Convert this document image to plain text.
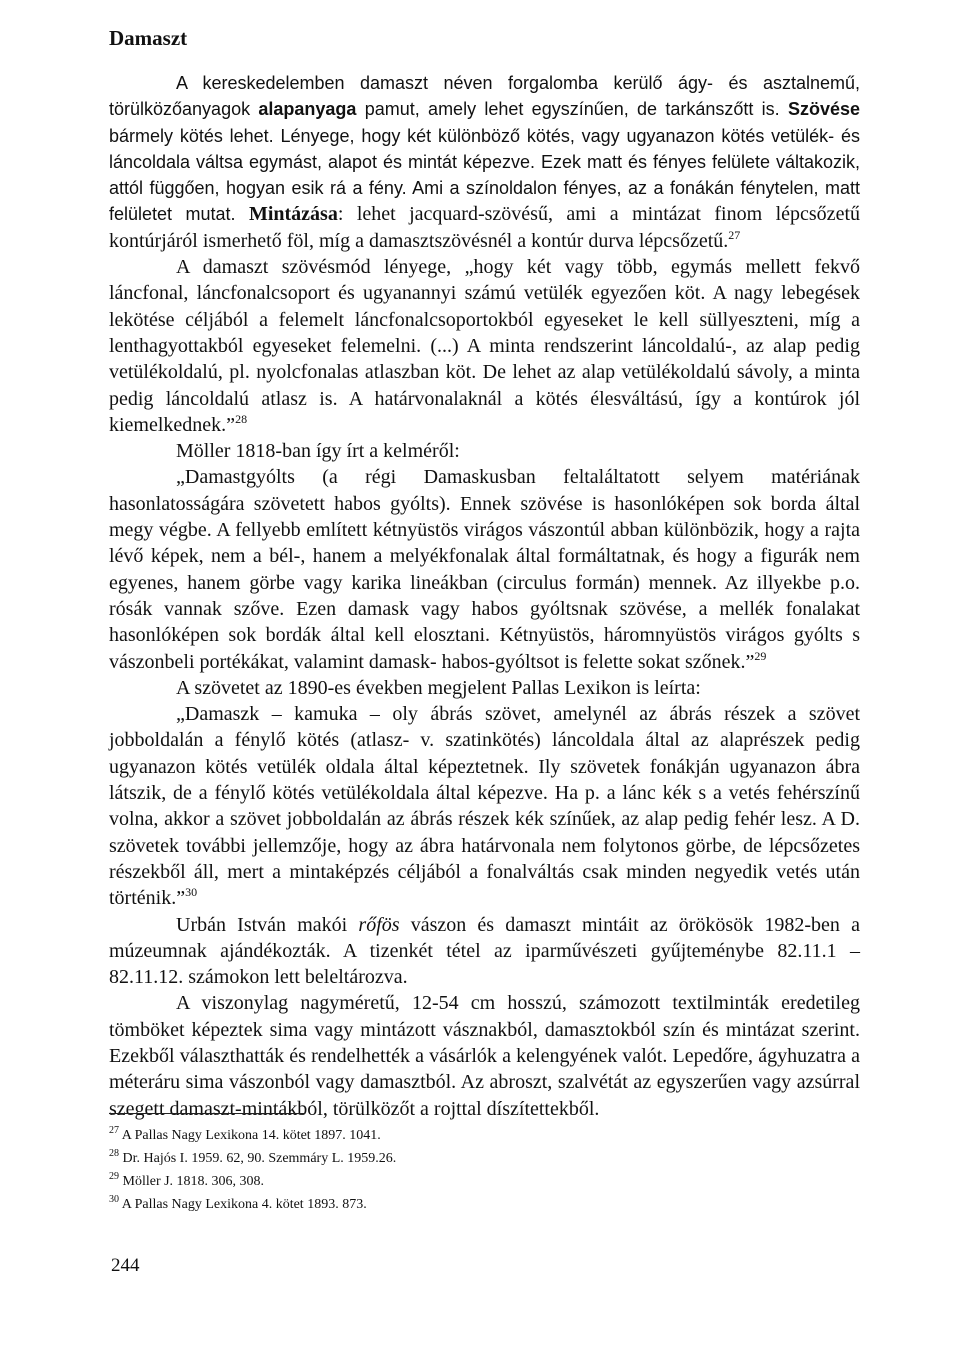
Damaszt

A kereskedelemben damaszt néven forgalomba kerülő ágy- és asztalnemű, törülközőanyagok alapanyaga pamut, amely lehet egyszínűen, de tarkánszőtt is. Szövése bármely kötés lehet. Lényege, hogy két különböző kötés, vagy ugyanazon kötés vetülék- és láncoldala váltsa egymást, alapot és mintát képezve. Ezek matt és fényes felülete váltakozik, attól függően, hogyan esik rá a fény. Ami a színoldalon fényes, az a fonákán fénytelen, matt felületet mutat. Mintázása: lehet jacquard-szövésű, ami a mintázat finom lépcsőzetű kontúrjáról ismerhető föl, míg a damasztszövésnél a kontúr durva lépcsőzetű.$^{27}$

A damaszt szövésmód lényege, „hogy két vagy több, egymás mellett fekvő láncfonal, láncfonalcsoport és ugyanannyi számú vetülék egyezően köt. A nagy lebegések lekötése céljából a felemelt láncfonalcsoportokból egyeseket le kell süllyeszteni, míg a lenthagyottakból egyeseket felemelni. (...) A minta rendszerint láncoldalú-, az alap pedig vetülékoldalú, pl. nyolcfonalas atlaszban köt. De lehet az alap vetülékoldalú sávoly, a minta pedig láncoldalú atlasz is. A határvonalaknál a kötés élesváltású, így a kontúrok jól kiemelkednek.”$^{28}$

Möller 1818-ban így írt a kelméről:

„Damastgyólts (a régi Damaskusban feltaláltatott selyem matériának hasonlatosságára szövetett habos gyólts). Ennek szövése is hasonlóképen sok borda által megy végbe. A fellyebb említett kétnyüstös virágos vászontúl abban különbözik, hogy a rajta lévő képek, nem a bél-, hanem a melyékfonalak által formáltatnak, és hogy a figurák nem egyenes, hanem görbe vagy karika lineákban (circulus formán) mennek. Az illyekbe p.o. rósák vannak szőve. Ezen damask vagy habos gyóltsnak szövése, a mellék fonalakat hasonlóképen sok bordák által kell elosztani. Kétnyüstös, háromnyüstös virágos gyólts s vászonbeli portékákat, valamint damask- habos-gyóltsot is felette sokat szőnek.”$^{29}$

A szövetet az 1890-es években megjelent Pallas Lexikon is leírta:

„Damaszk – kamuka – oly ábrás szövet, amelynél az ábrás részek a szövet jobboldalán a fénylő kötés (atlasz- v. szatinkötés) láncoldala által az alaprészek pedig ugyanazon kötés vetülék oldala által képeztetnek. Ily szövetek fonákján ugyanazon ábra látszik, de a fénylő kötés vetülékoldala által képezve. Ha p. a lánc kék s a vetés fehérszínű volna, akkor a szövet jobboldalán az ábrás részek kék színűek, az alap pedig fehér lesz. A D. szövetek további jellemzője, hogy az ábra határvonala nem folytonos görbe, de lépcsőzetes részekből áll, mert a mintaképzés céljából a fonalváltás csak minden negyedik vetés után történik.”$^{30}$

Urbán István makói rőfös vászon és damaszt mintáit az örökösök 1982-ben a múzeumnak ajándékozták. A tizenkét tétel az iparművészeti gyűjteménybe 82.11.1 – 82.11.12. számokon lett beleltározva.

A viszonylag nagyméretű, 12-54 cm hosszú, számozott textilminták eredetileg tömböket képeztek sima vagy mintázott vásznakból, damasztokból szín és mintázat szerint. Ezekből választhatták és rendelhették a vásárlók a kelengyének valót. Lepedőre, ágyhuzatra a méteráru sima vászonból vagy damasztból. Az abroszt, szalvétát az egyszerűen vagy azsúrral szegett damaszt-mintákból, törülközőt a rojttal díszítettekből.

$^{27}$ A Pallas Nagy Lexikona 14. kötet 1897. 1041.
$^{28}$ Dr. Hajós I. 1959. 62, 90. Szemmáry L. 1959.26.
$^{29}$ Möller J. 1818. 306, 308.
$^{30}$ A Pallas Nagy Lexikona 4. kötet 1893. 873.
244
